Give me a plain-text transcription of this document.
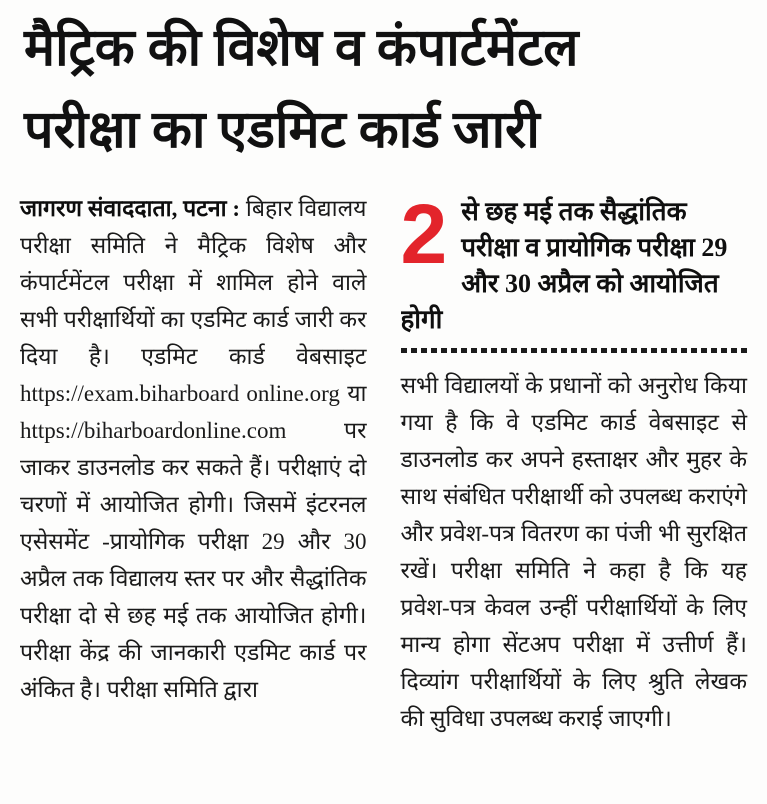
मैट्रिक की विशेष व कंपार्टमेंटल
परीक्षा का एडमिट कार्ड जारी

जागरण संवाददाता, पटना : बिहार विद्यालय परीक्षा समिति ने मैट्रिक विशेष और कंपार्टमेंटल परीक्षा में शामिल होने वाले सभी परीक्षार्थियों का एडमिट कार्ड जारी कर दिया है। एडमिट कार्ड वेबसाइट https://exam.biharboard online.org या https://biharboardonline.com पर जाकर डाउनलोड कर सकते हैं। परीक्षाएं दो चरणों में आयोजित होगी। जिसमें इंटरनल एसेसमेंट -प्रायोगिक परीक्षा 29 और 30 अप्रैल तक विद्यालय स्तर पर और सैद्धांतिक परीक्षा दो से छह मई तक आयोजित होगी। परीक्षा केंद्र की जानकारी एडमिट कार्ड पर अंकित है। परीक्षा समिति द्वारा

2 से छह मई तक सैद्धांतिक परीक्षा व प्रायोगिक परीक्षा 29 और 30 अप्रैल को आयोजित होगी

सभी विद्यालयों के प्रधानों को अनुरोध किया गया है कि वे एडमिट कार्ड वेबसाइट से डाउनलोड कर अपने हस्ताक्षर और मुहर के साथ संबंधित परीक्षार्थी को उपलब्ध कराएंगे और प्रवेश-पत्र वितरण का पंजी भी सुरक्षित रखें। परीक्षा समिति ने कहा है कि यह प्रवेश-पत्र केवल उन्हीं परीक्षार्थियों के लिए मान्य होगा सेंटअप परीक्षा में उत्तीर्ण हैं। दिव्यांग परीक्षार्थियों के लिए श्रुति लेखक की सुविधा उपलब्ध कराई जाएगी।
